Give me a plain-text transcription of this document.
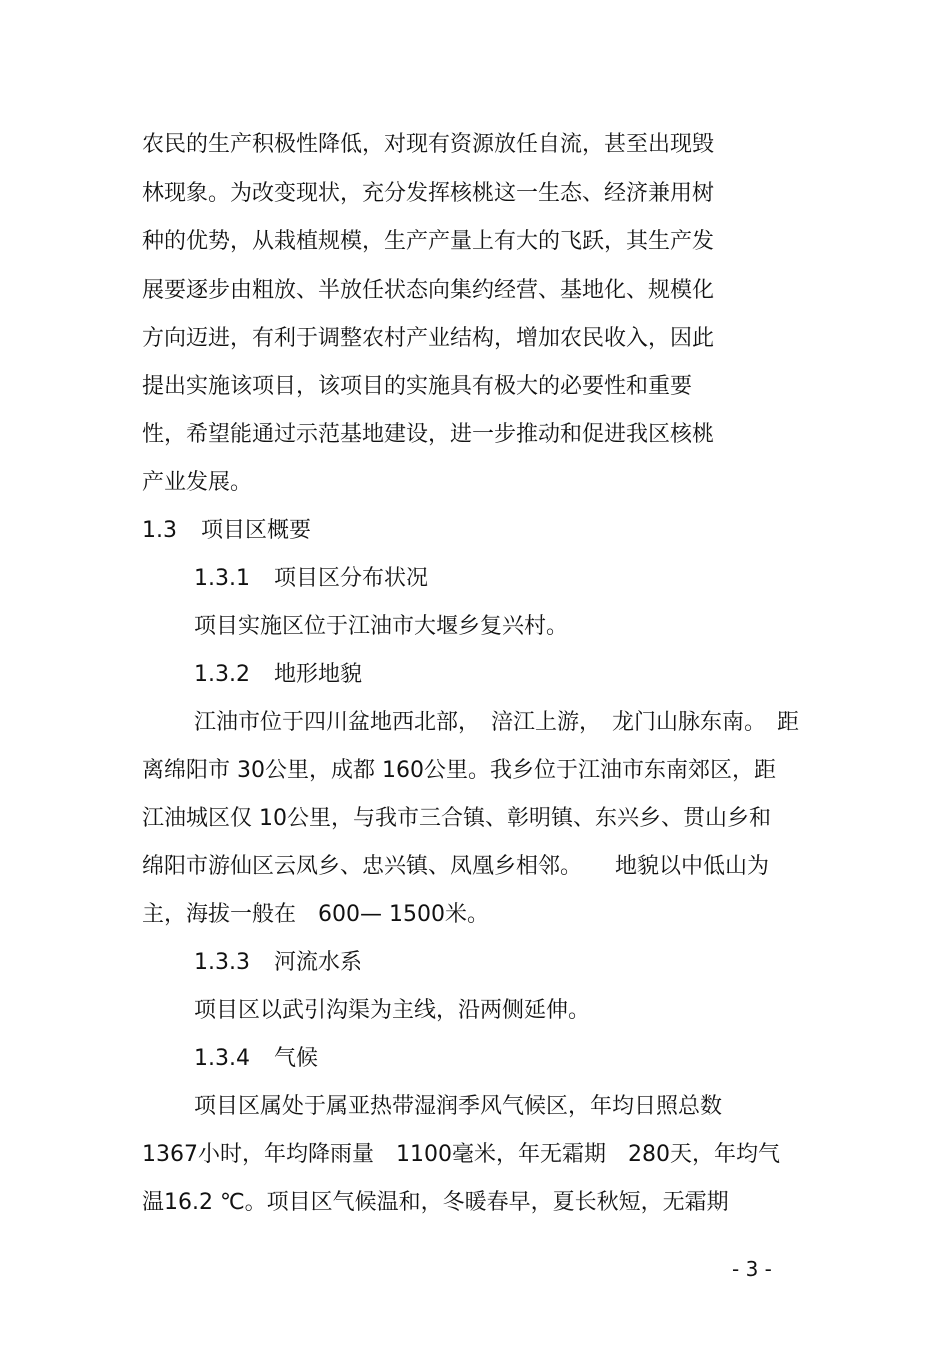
农民的生产积极性降低，对现有资源放任自流，甚至出现毁
林现象。为改变现状，充分发挥核桃这一生态、经济兼用树
种的优势，从栽植规模，生产产量上有大的飞跃，其生产发
展要逐步由粗放、半放任状态向集约经营、基地化、规模化
方向迈进，有利于调整农村产业结构，增加农民收入，因此
提出实施该项目，该项目的实施具有极大的必要性和重要
性，希望能通过示范基地建设，进一步推动和促进我区核桃
产业发展。
1.3 项目区概要
1.3.1 项目区分布状况
项目实施区位于江油市大堰乡复兴村。
1.3.2 地形地貌
江油市位于四川盆地西北部，　涪江上游，　龙门山脉东南。　距
离绵阳市 30公里，成都 160公里。我乡位于江油市东南郊区，距
江油城区仅 10公里，与我市三合镇、彰明镇、东兴乡、贯山乡和
绵阳市游仙区云凤乡、忠兴镇、凤凰乡相邻。　　地貌以中低山为
主，海拔一般在　600— 1500米。
1.3.3 河流水系
项目区以武引沟渠为主线，沿两侧延伸。
1.3.4 气候
项目区属处于属亚热带湿润季风气候区，年均日照总数
1367小时，年均降雨量　1100毫米，年无霜期　280天，年均气
温16.2 ℃。项目区气候温和，冬暖春早，夏长秋短，无霜期
- 3 -
